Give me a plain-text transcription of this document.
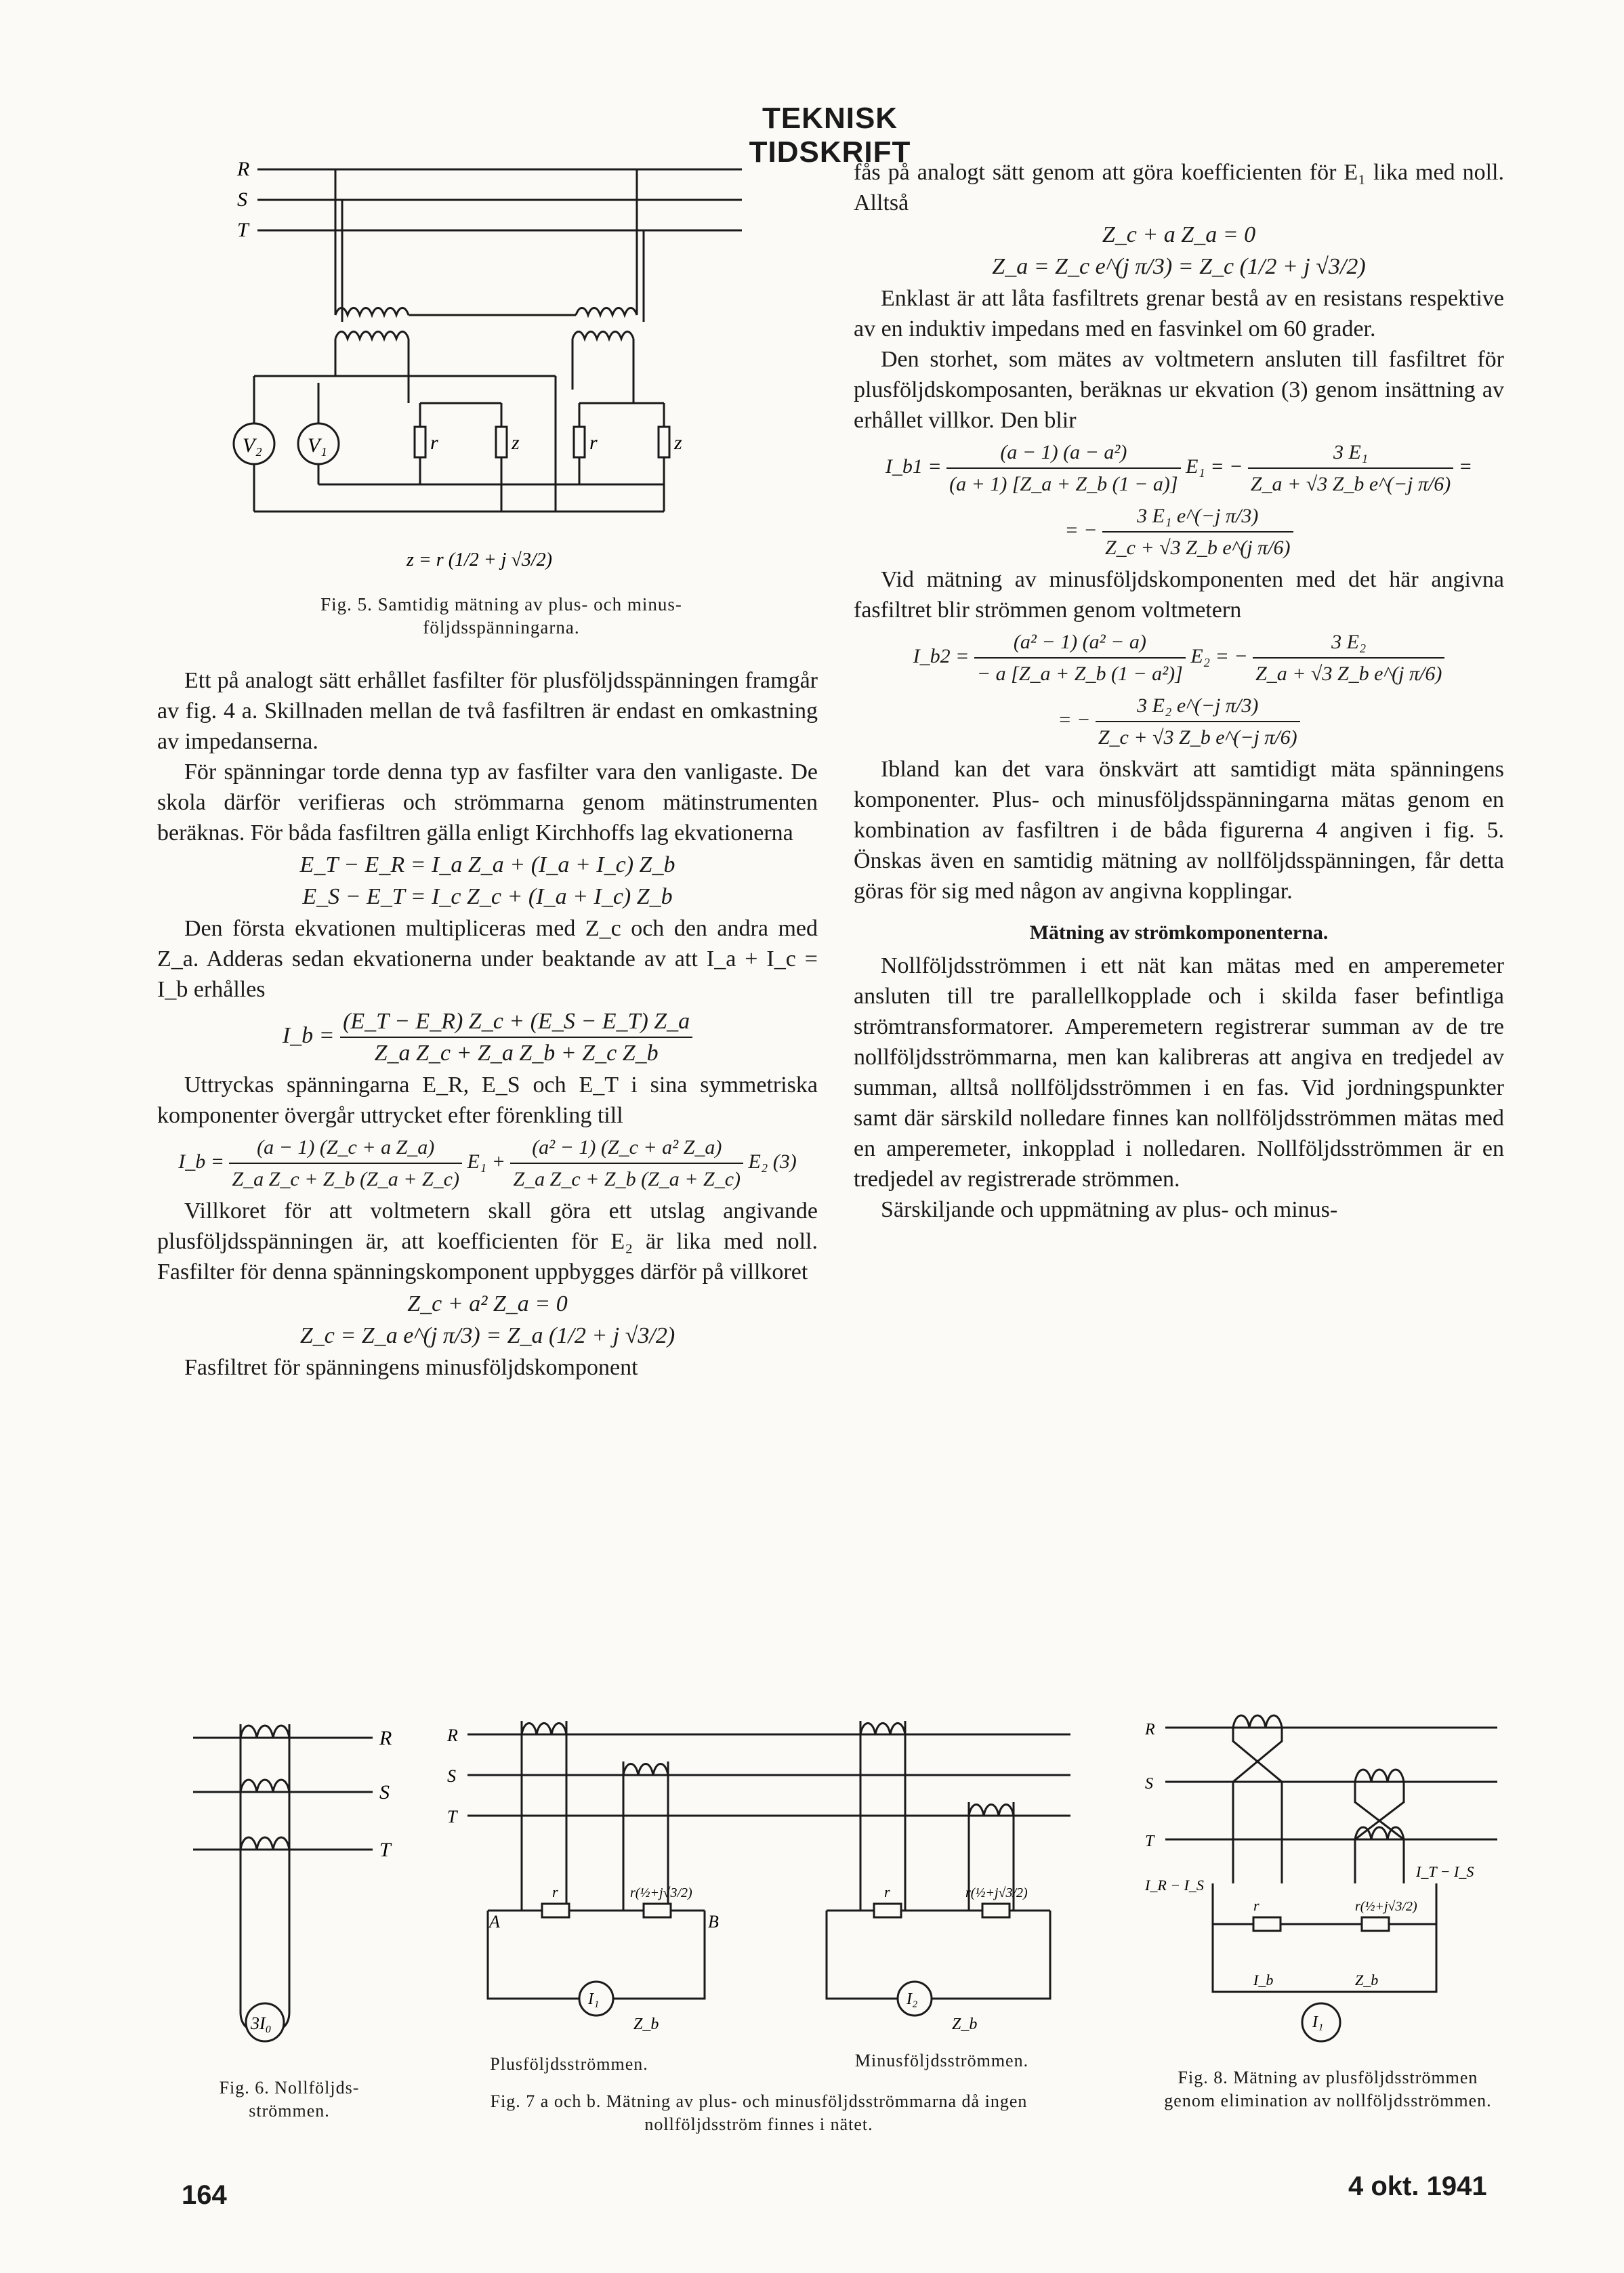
TEKNISK TIDSKRIFT
R
S
T
V₂ V₁	r	z	r	z
z = r (1/2 + j √3/2)
Fig. 5. Samtidig mätning av plus- och minus-följdsspänningarna.

Ett på analogt sätt erhållet fasfilter för plusföljdsspänningen framgår av fig. 4 a. Skillnaden mellan de två fasfiltren är endast en omkastning av impedanserna.

För spänningar torde denna typ av fasfilter vara den vanligaste. De skola därför verifieras och strömmarna genom mätinstrumenten beräknas. För båda fasfiltren gälla enligt Kirchhoffs lag ekvationerna

E_T − E_R = I_a Z_a + (I_a + I_c) Z_b
E_S − E_T = I_c Z_c + (I_a + I_c) Z_b

Den första ekvationen multipliceras med Z_c och den andra med Z_a. Adderas sedan ekvationerna under beaktande av att I_a + I_c = I_b erhålles

I_b = $\frac{(E\_T - E\_R) Z\_c + (E\_S - E\_T) Z\_a}{\text{Z\_a Z\_c + Z\_a Z\_b + Z\_c Z\_b}}$

Uttryckas spänningarna E_R, E_S och E_T i sina symmetriska komponenter övergår uttrycket efter förenkling till

I_b = $\frac{\text{(a − 1) (Z\_c + a Z\_a)}}{\text{Z\_a Z\_c + Z\_b (Z\_a + Z\_c)}} E_1 + \frac{\text{(a² − 1) (Z\_c + a² Z\_a)}}{\text{Z\_a Z\_c + Z\_b (Z\_a + Z\_c)}} E_2$ (3)

Villkoret för att voltmetern skall göra ett utslag angivande plusföljdsspänningen är, att koefficienten för E₂ är lika med noll. Fasfilter för denna spänningskomponent uppbygges därför på villkoret

Z_c + a² Z_a = 0
Z_c = Z_a e^(j π/3) = Z_a (1/2 + j √3/2)

Fasfiltret för spänningens minusföljdskomponent

fås på analogt sätt genom att göra koefficienten för E₁ lika med noll. Alltså

Z_c + a Z_a = 0
Z_a = Z_c e^(j π/3) = Z_c (1/2 + j √3/2)

Enklast är att låta fasfiltrets grenar bestå av en resistans respektive av en induktiv impedans med en fasvinkel om 60 grader.

Den storhet, som mätes av voltmetern ansluten till fasfiltret för plusföljdskomposanten, beräknas ur ekvation (3) genom insättning av erhållet villkor. Den blir

I_b1 = $\frac{\text{(a − 1) (a − a²)}}{(a + 1) [Z\_a + Z\_b (1 - a)]} E_1$ = − $\frac{\text{3 E₁}}{\text{Z\_a + √3 Z\_b e\textasciicircum{}(−j π/6)}}$ =
= − $\frac{\text{3 E₁ e\textasciicircum{}(−j π/3)}}{\text{Z\_c + √3 Z\_b e\textasciicircum{}(j π/6)}}$

Vid mätning av minusföljdskomponenten med det här angivna fasfiltret blir strömmen genom voltmetern

I_b2 = $\frac{\text{(a² − 1) (a² − a)}}{\text{− a [Z\_a + Z\_b (1 − a²)]}} E_2$ = − $\frac{\text{3 E₂}}{\text{Z\_a + √3 Z\_b e\textasciicircum{}(j π/6)}}$
= − $\frac{\text{3 E₂ e\textasciicircum{}(−j π/3)}}{\text{Z\_c + √3 Z\_b e\textasciicircum{}(−j π/6)}}$

Ibland kan det vara önskvärt att samtidigt mäta spänningens komponenter. Plus- och minusföljdsspänningarna mätas genom en kombination av fasfiltren i de båda figurerna 4 angiven i fig. 5. Önskas även en samtidig mätning av nollföljdsspänningen, får detta göras för sig med någon av angivna kopplingar.

Mätning av strömkomponenterna.

Nollföljdsströmmen i ett nät kan mätas med en amperemeter ansluten till tre parallellkopplade och i skilda faser befintliga strömtransformatorer. Amperemetern registrerar summan av de tre nollföljdsströmmarna, men kan kalibreras att angiva en tredjedel av summan, alltså nollföljdsströmmen i en fas. Vid jordningspunkter samt där särskild nolledare finnes kan nollföljdsströmmen mätas med en amperemeter, inkopplad i nolledaren. Nollföljdsströmmen är en tredjedel av registrerade strömmen.

Särskiljande och uppmätning av plus- och minus-

R
S
T
3I₀
Fig. 6. Nollföljds-strömmen.
R
S
T
A	B
r	r(½+j√3/2)
I₁
Z_b
r	r(½+j√3/2)
I₂
Z_b
Plusföljdsströmmen.	Minusföljdsströmmen.
Fig. 7 a och b. Mätning av plus- och minusföljdsströmmarna då ingen nollföljdsström finnes i nätet.
R
S
T
I_R − I_S
I_T − I_S
r	r(½+j√3/2)
I_b
I₁
Z_b
Fig. 8. Mätning av plusföljdsströmmen genom elimination av nollföljdsströmmen.
164	4 okt. 1941
